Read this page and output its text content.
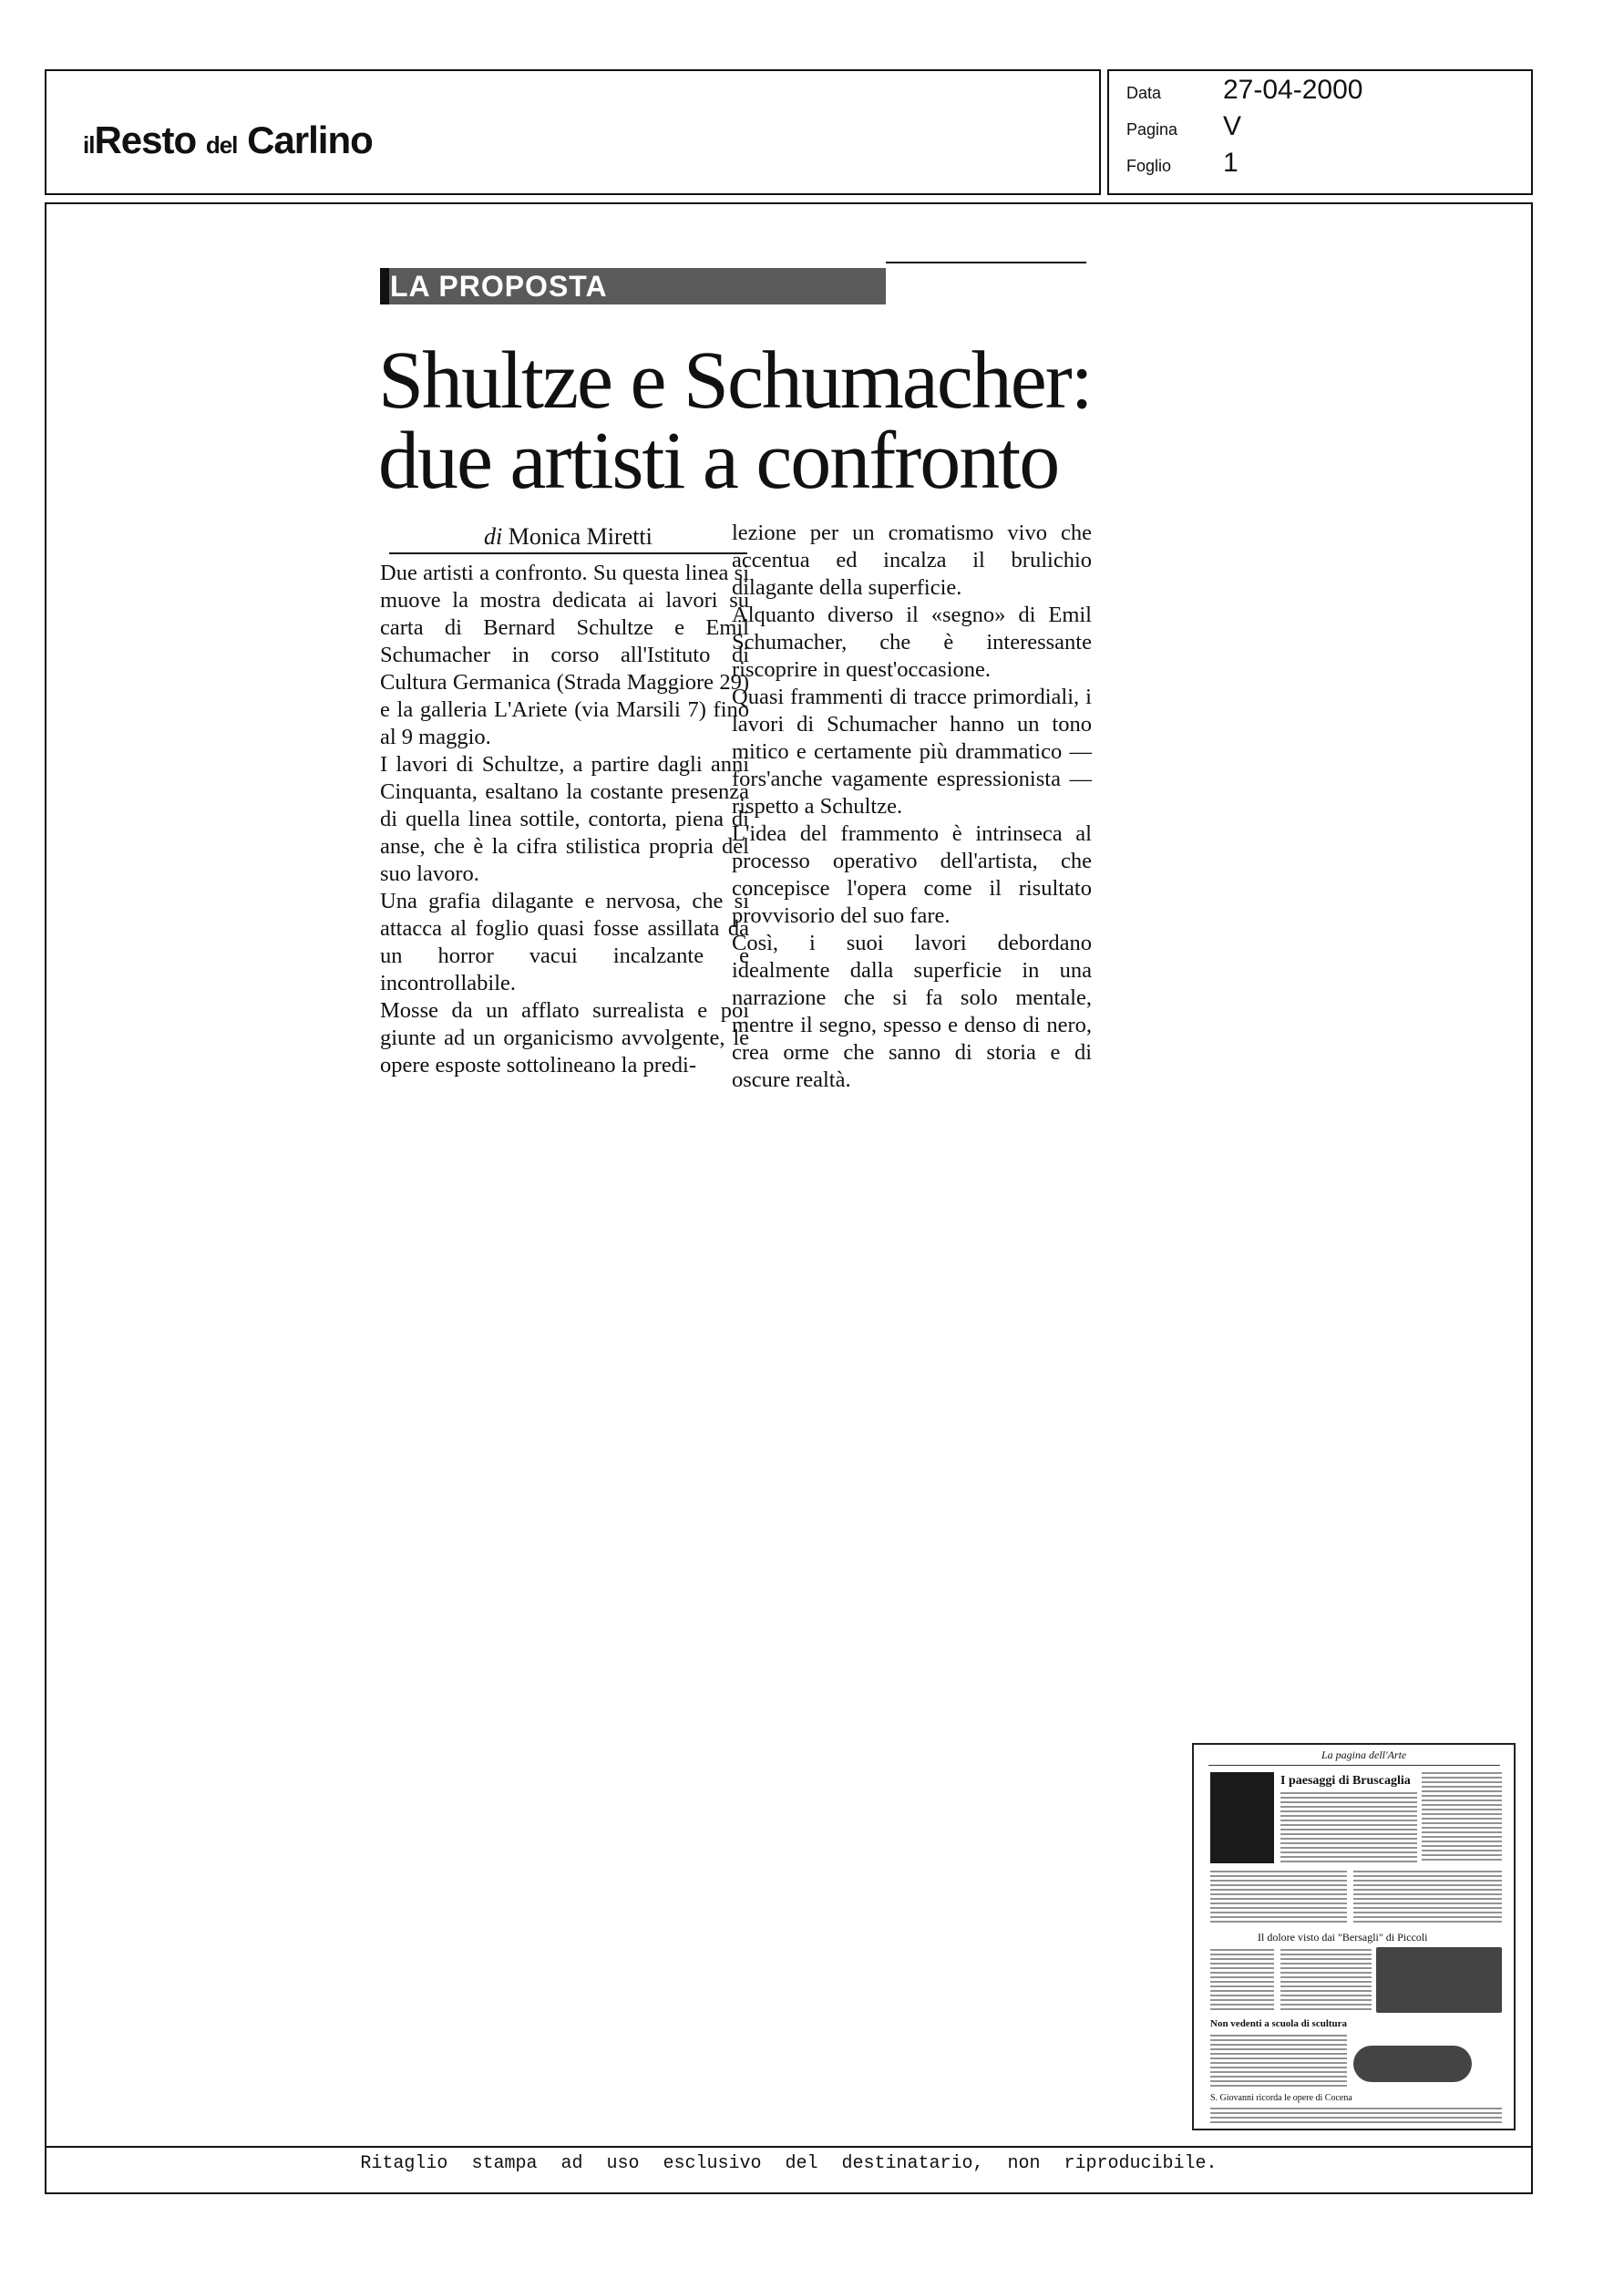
ilResto del Carlino
Data 27-04-2000
Pagina V
Foglio 1
LA PROPOSTA
Shultze e Schumacher:
due artisti a confronto
di Monica Miretti

Due artisti a confronto. Su questa linea si muove la mostra dedicata ai lavori su carta di Bernard Schultze e Emil Schumacher in corso all'Istituto di Cultura Germanica (Strada Maggiore 29) e la galleria L'Ariete (via Marsili 7) fino al 9 maggio.

I lavori di Schultze, a partire dagli anni Cinquanta, esaltano la costante presenza di quella linea sottile, contorta, piena di anse, che è la cifra stilistica propria del suo lavoro.

Una grafia dilagante e nervosa, che si attacca al foglio quasi fosse assillata da un horror vacui incalzante e incontrollabile.

Mosse da un afflato surrealista e poi giunte ad un organicismo avvolgente, le opere esposte sottolineano la predi-

lezione per un cromatismo vivo che accentua ed incalza il brulichio dilagante della superficie.

Alquanto diverso il «segno» di Emil Schumacher, che è interessante riscoprire in quest'occasione.

Quasi frammenti di tracce primordiali, i lavori di Schumacher hanno un tono mitico e certamente più drammatico — fors'anche vagamente espressionista — rispetto a Schultze.

L'idea del frammento è intrinseca al processo operativo dell'artista, che concepisce l'opera come il risultato provvisorio del suo fare.

Così, i suoi lavori debordano idealmente dalla superficie in una narrazione che si fa solo mentale, mentre il segno, spesso e denso di nero, crea orme che sanno di storia e di oscure realtà.

La pagina dell'Arte
I paesaggi di Bruscaglia
Il dolore visto dai "Bersagli" di Piccoli
Non vedenti a scuola di scultura
S. Giovanni ricorda le opere di Cocena
Ritaglio stampa ad uso esclusivo del destinatario, non riproducibile.
